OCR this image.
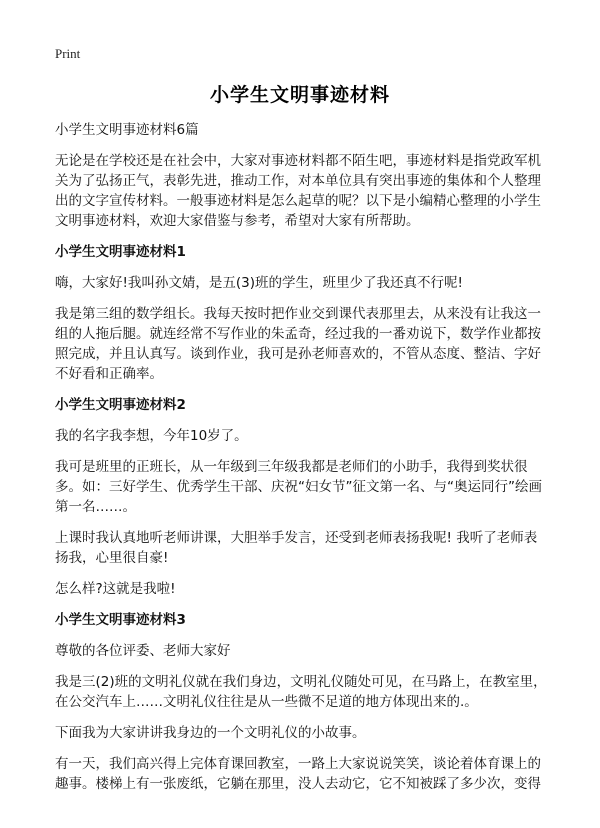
Print
小学生文明事迹材料

小学生文明事迹材料6篇

无论是在学校还是在社会中，大家对事迹材料都不陌生吧，事迹材料是指党政军机关为了弘扬正气，表彰先进，推动工作，对本单位具有突出事迹的集体和个人整理出的文字宣传材料。一般事迹材料是怎么起草的呢？以下是小编精心整理的小学生文明事迹材料，欢迎大家借鉴与参考，希望对大家有所帮助。

小学生文明事迹材料1

嗨，大家好!我叫孙文婧，是五(3)班的学生，班里少了我还真不行呢!

我是第三组的数学组长。我每天按时把作业交到课代表那里去，从来没有让我这一组的人拖后腿。就连经常不写作业的朱孟奇，经过我的一番劝说下，数学作业都按照完成，并且认真写。谈到作业，我可是孙老师喜欢的，不管从态度、整洁、字好不好看和正确率。

小学生文明事迹材料2

我的名字我李想，今年10岁了。

我可是班里的正班长，从一年级到三年级我都是老师们的小助手，我得到奖状很多。如：三好学生、优秀学生干部、庆祝“妇女节”征文第一名、与“奥运同行”绘画第一名……。

上课时我认真地听老师讲课，大胆举手发言，还受到老师表扬我呢! 我听了老师表扬我，心里很自豪!

怎么样?这就是我啦!

小学生文明事迹材料3

尊敬的各位评委、老师大家好

我是三(2)班的文明礼仪就在我们身边，文明礼仪随处可见，在马路上，在教室里，在公交汽车上……文明礼仪往往是从一些微不足道的地方体现出来的.。

下面我为大家讲讲我身边的一个文明礼仪的小故事。

有一天，我们高兴得上完体育课回教室，一路上大家说说笑笑，谈论着体育课上的趣事。楼梯上有一张废纸，它躺在那里，没人去动它，它不知被踩了多少次，变得
